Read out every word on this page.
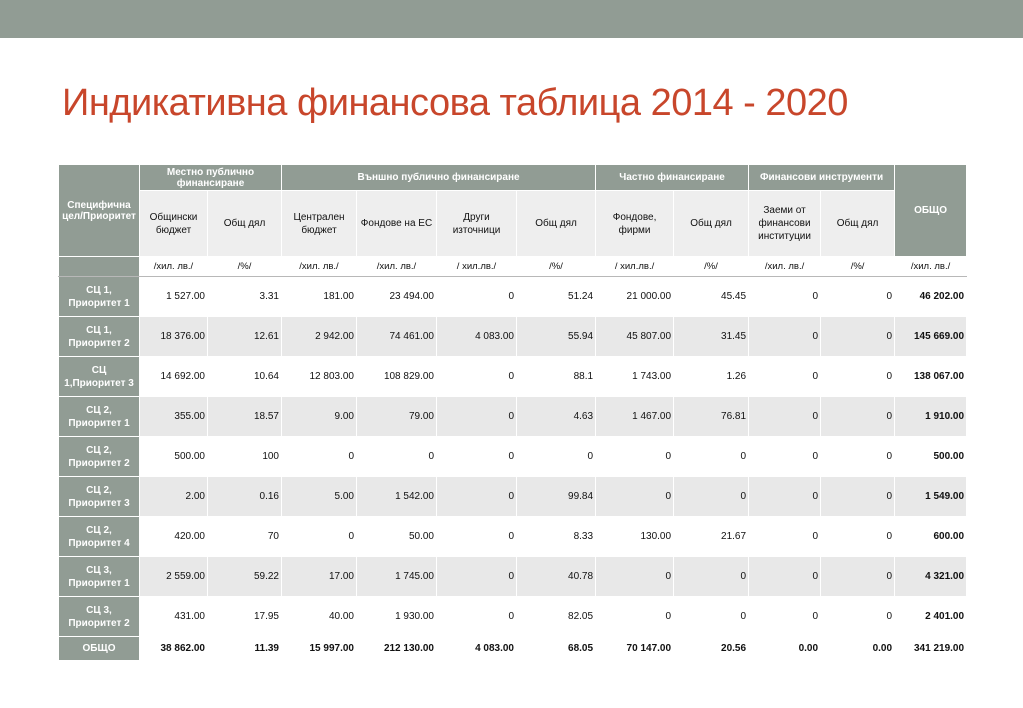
Индикативна финансова таблица 2014 - 2020
Специфична цел/Приоритет	Местно публично финансиране		Външно публично финансиране				Частно финансиране		Финансови инструменти		ОБЩО
	Общински бюджет	Общ дял	Централен бюджет	Фондове на ЕС	Други източници	Общ дял	Фондове, фирми	Общ дял	Заеми от финансови институции	Общ дял	
	/хил. лв./	/%/	/хил. лв./	/хил. лв./	/ хил.лв./	/%/	/ хил.лв./	/%/	/хил. лв./	/%/	/хил. лв./
СЦ 1, Приоритет 1	1 527.00	3.31	181.00	23 494.00	0	51.24	21 000.00	45.45	0	0	46 202.00
СЦ 1, Приоритет 2	18 376.00	12.61	2 942.00	74 461.00	4 083.00	55.94	45 807.00	31.45	0	0	145 669.00
СЦ 1,Приоритет 3	14 692.00	10.64	12 803.00	108 829.00	0	88.1	1 743.00	1.26	0	0	138 067.00
СЦ 2, Приоритет 1	355.00	18.57	9.00	79.00	0	4.63	1 467.00	76.81	0	0	1 910.00
СЦ 2, Приоритет 2	500.00	100	0	0	0	0	0	0	0	0	500.00
СЦ 2, Приоритет 3	2.00	0.16	5.00	1 542.00	0	99.84	0	0	0	0	1 549.00
СЦ 2, Приоритет 4	420.00	70	0	50.00	0	8.33	130.00	21.67	0	0	600.00
СЦ 3, Приоритет 1	2 559.00	59.22	17.00	1 745.00	0	40.78	0	0	0	0	4 321.00
СЦ 3, Приоритет 2	431.00	17.95	40.00	1 930.00	0	82.05	0	0	0	0	2 401.00
ОБЩО	38 862.00	11.39	15 997.00	212 130.00	4 083.00	68.05	70 147.00	20.56	0.00	0.00	341 219.00
